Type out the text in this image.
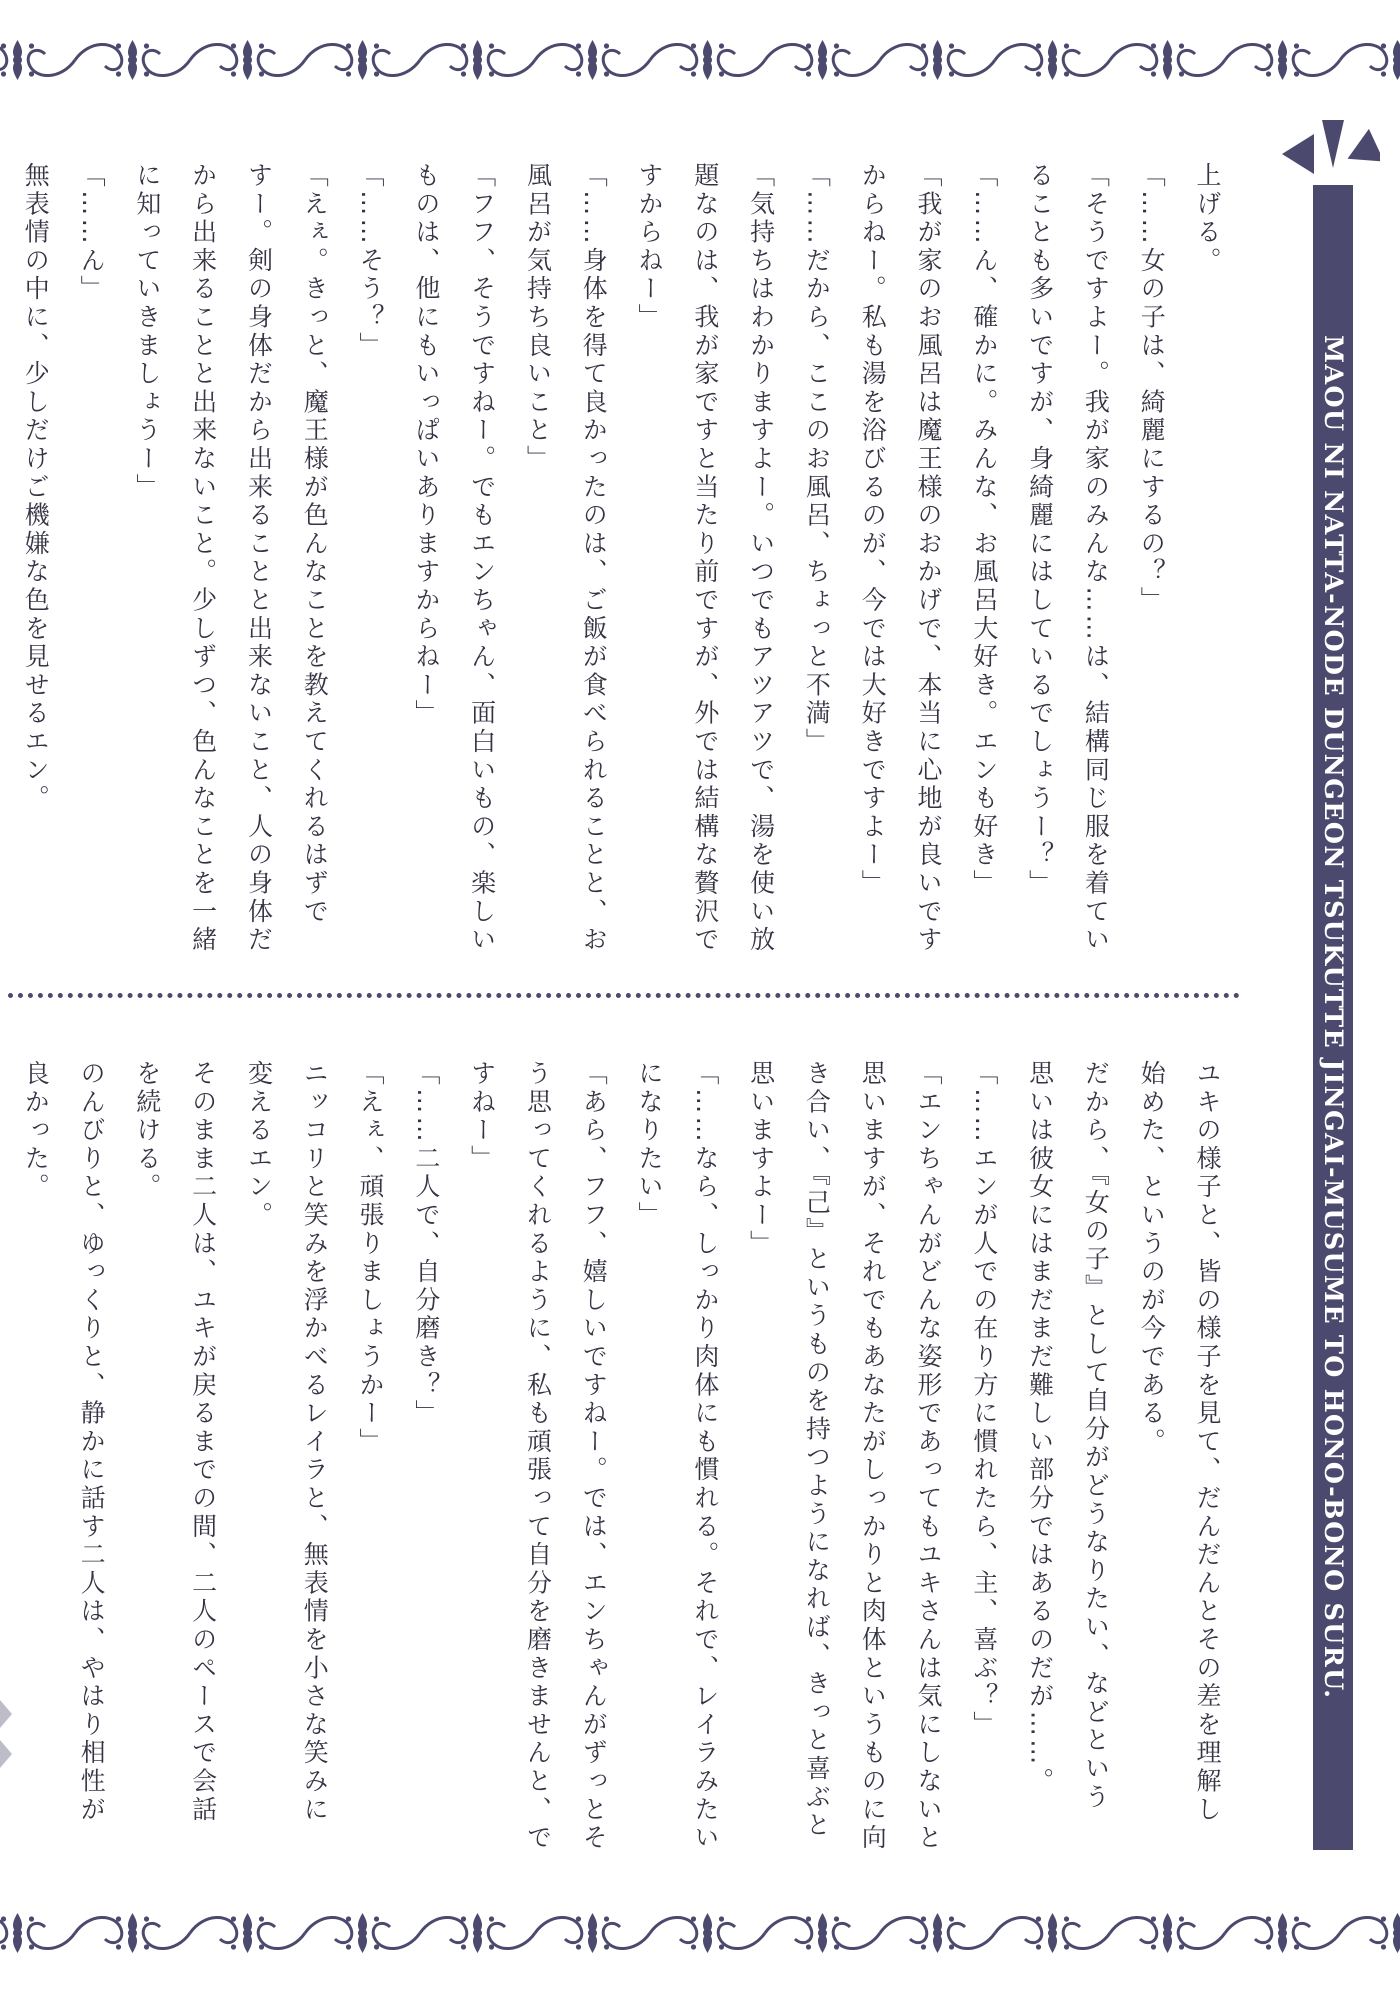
MAOU NI NATTA-NODE DUNGEON TSUKUTTE JINGAI-MUSUME TO HONO-BONO SURU.
上げる。
「……女の子は、綺麗にするの？」
「そうですよー。我が家のみんな……は、結構同じ服を着てい
ることも多いですが、身綺麗にはしているでしょうー？」
「……ん、確かに。みんな、お風呂大好き。エンも好き」
「我が家のお風呂は魔王様のおかげで、本当に心地が良いです
からねー。私も湯を浴びるのが、今では大好きですよー」
「……だから、ここのお風呂、ちょっと不満」
「気持ちはわかりますよー。いつでもアツアツで、湯を使い放
題なのは、我が家ですと当たり前ですが、外では結構な贅沢で
すからねー」
「……身体を得て良かったのは、ご飯が食べられることと、お
風呂が気持ち良いこと」
「フフ、そうですねー。でもエンちゃん、面白いもの、楽しい
ものは、他にもいっぱいありますからねー」
「……そう？」
「えぇ。きっと、魔王様が色んなことを教えてくれるはずで
すー。剣の身体だから出来ることと出来ないこと、人の身体だ
から出来ることと出来ないこと。少しずつ、色んなことを一緒
に知っていきましょうー」
「……ん」
無表情の中に、少しだけご機嫌な色を見せるエン。
ユキの様子と、皆の様子を見て、だんだんとその差を理解し
始めた、というのが今である。
だから、『女の子』として自分がどうなりたい、などという
思いは彼女にはまだまだ難しい部分ではあるのだが……。
「……エンが人での在り方に慣れたら、主、喜ぶ？」
「エンちゃんがどんな姿形であってもユキさんは気にしないと
思いますが、それでもあなたがしっかりと肉体というものに向
き合い、『己』というものを持つようになれば、きっと喜ぶと
思いますよー」
「……なら、しっかり肉体にも慣れる。それで、レイラみたい
になりたい」
「あら、フフ、嬉しいですねー。では、エンちゃんがずっとそ
う思ってくれるように、私も頑張って自分を磨きませんと、で
すねー」
「……二人で、自分磨き？」
「えぇ、頑張りましょうかー」
ニッコリと笑みを浮かべるレイラと、無表情を小さな笑みに
変えるエン。
そのまま二人は、ユキが戻るまでの間、二人のペースで会話
を続ける。
のんびりと、ゆっくりと、静かに話す二人は、やはり相性が
良かった。
